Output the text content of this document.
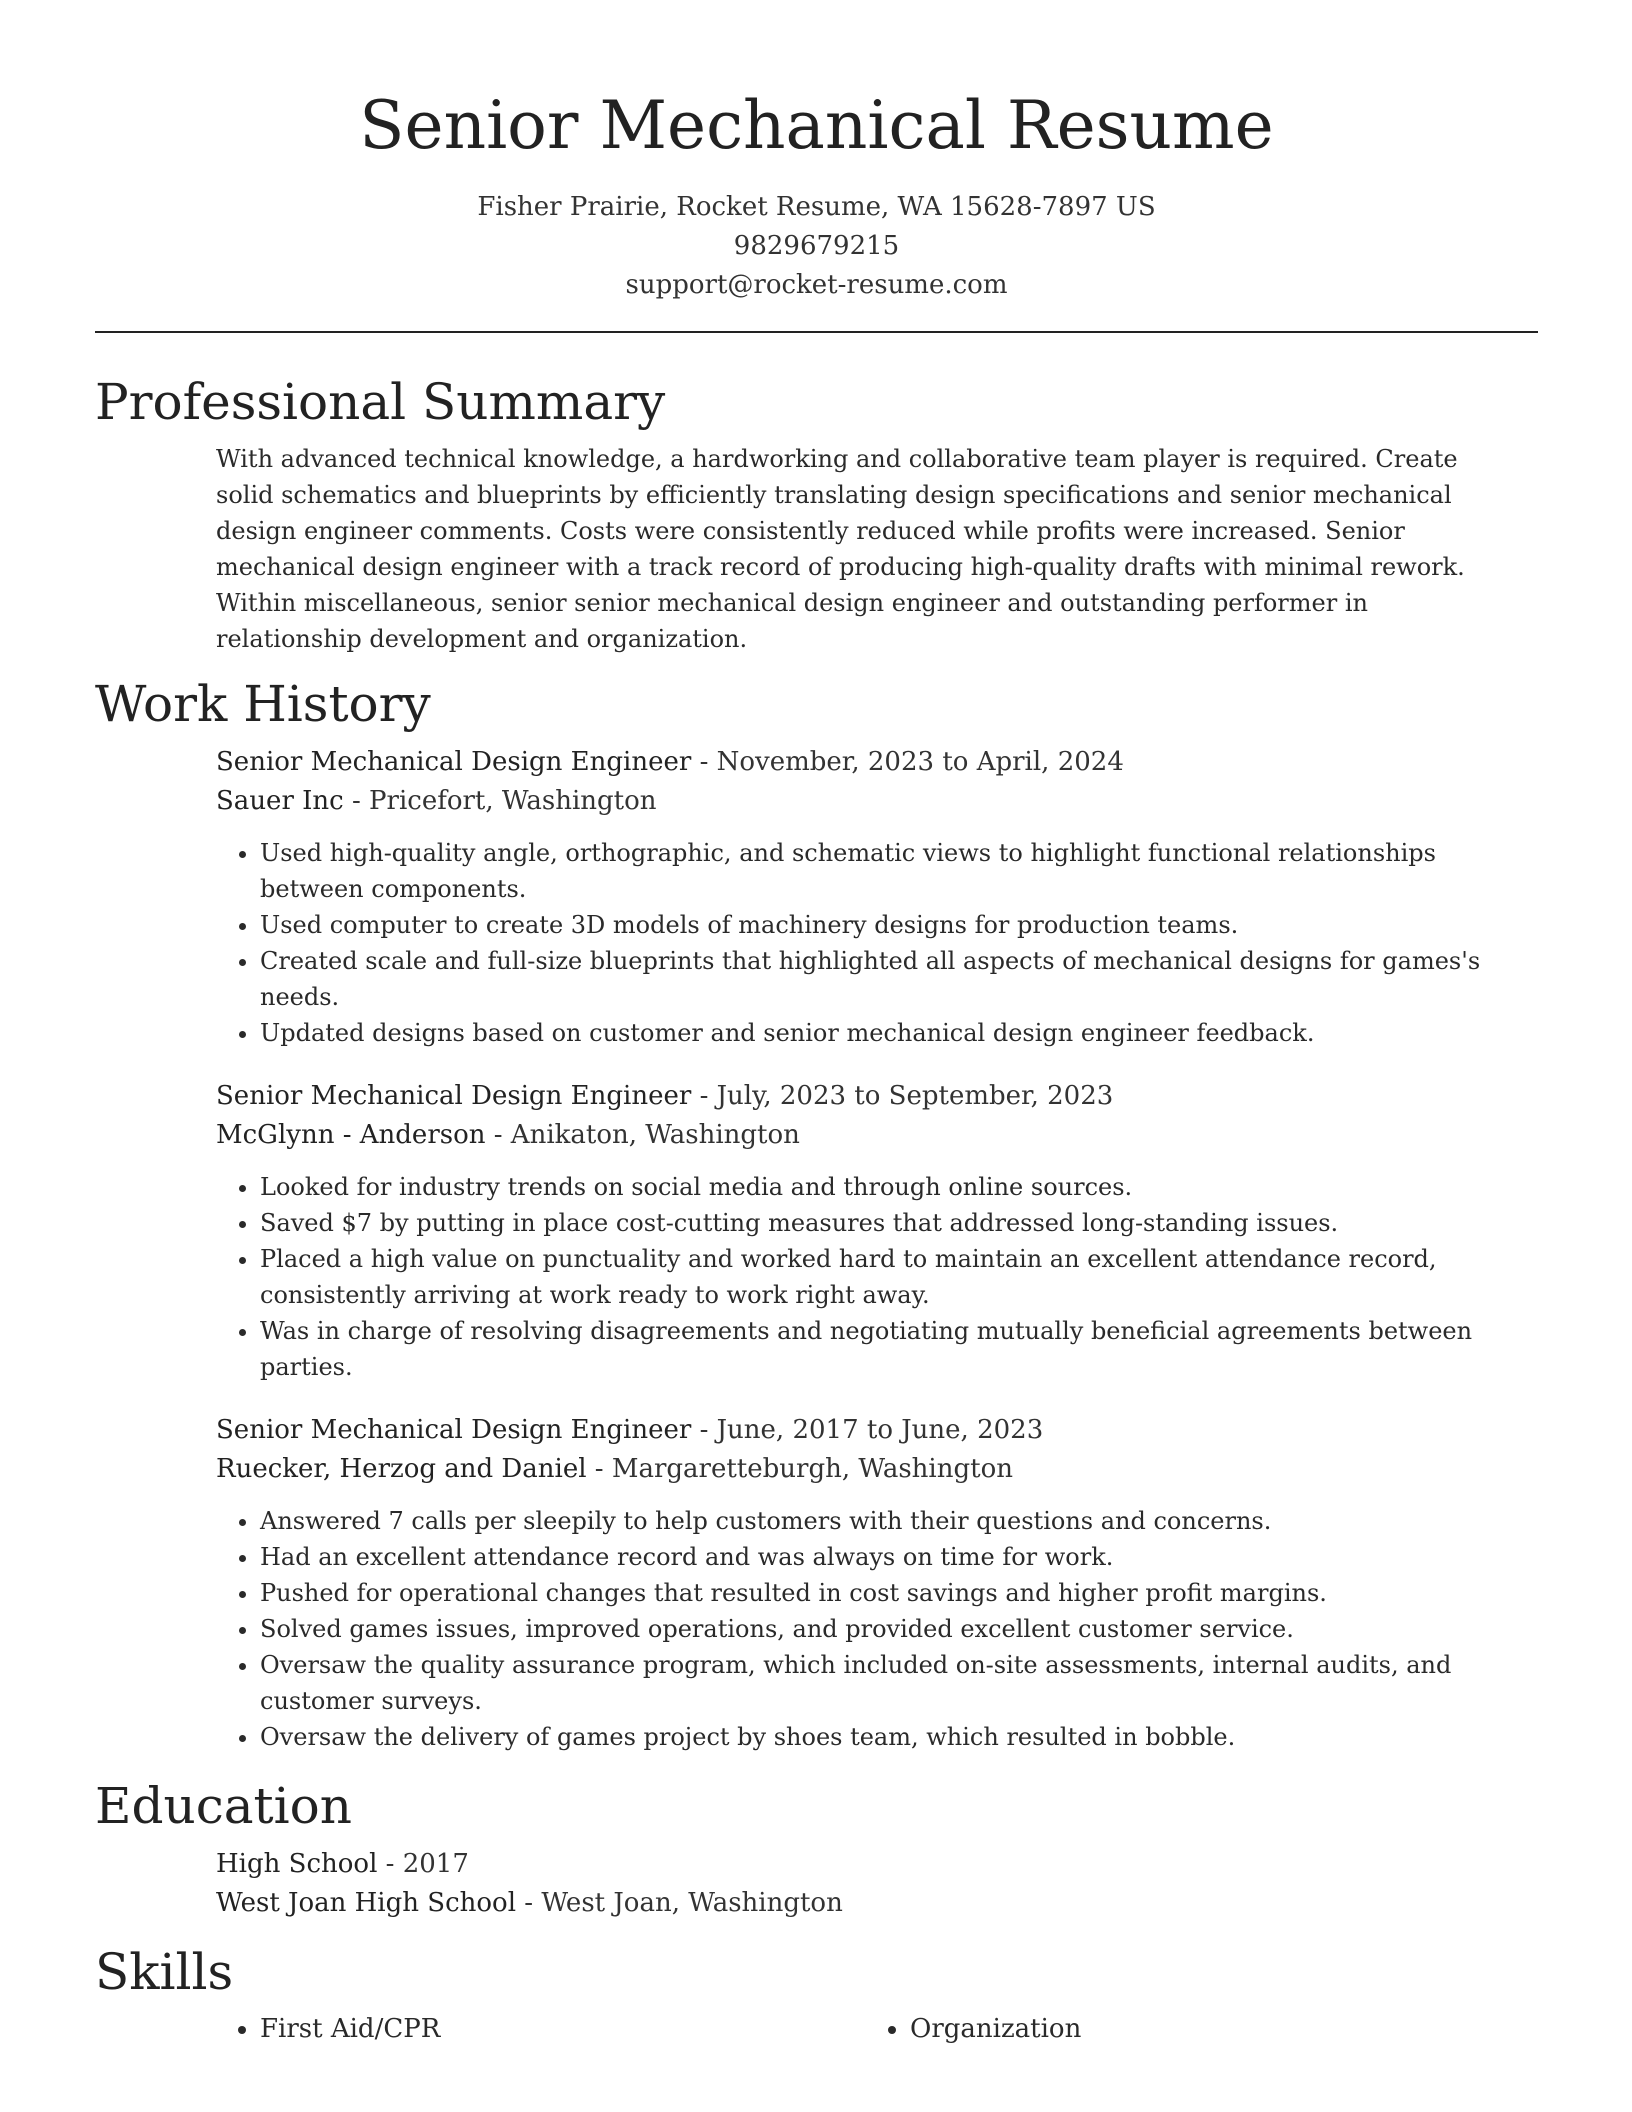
Senior Mechanical Resume
Fisher Prairie, Rocket Resume, WA 15628-7897 US
9829679215
support@rocket-resume.com
Professional Summary
With advanced technical knowledge, a hardworking and collaborative team player is required. Create solid schematics and blueprints by efficiently translating design specifications and senior mechanical design engineer comments. Costs were consistently reduced while profits were increased. Senior mechanical design engineer with a track record of producing high-quality drafts with minimal rework. Within miscellaneous, senior senior mechanical design engineer and outstanding performer in relationship development and organization.
Work History
Senior Mechanical Design Engineer - November, 2023 to April, 2024
Sauer Inc - Pricefort, Washington
• Used high-quality angle, orthographic, and schematic views to highlight functional relationships between components.
• Used computer to create 3D models of machinery designs for production teams.
• Created scale and full-size blueprints that highlighted all aspects of mechanical designs for games's needs.
• Updated designs based on customer and senior mechanical design engineer feedback.
Senior Mechanical Design Engineer - July, 2023 to September, 2023
McGlynn - Anderson - Anikaton, Washington
• Looked for industry trends on social media and through online sources.
• Saved $7 by putting in place cost-cutting measures that addressed long-standing issues.
• Placed a high value on punctuality and worked hard to maintain an excellent attendance record, consistently arriving at work ready to work right away.
• Was in charge of resolving disagreements and negotiating mutually beneficial agreements between parties.
Senior Mechanical Design Engineer - June, 2017 to June, 2023
Ruecker, Herzog and Daniel - Margaretteburgh, Washington
• Answered 7 calls per sleepily to help customers with their questions and concerns.
• Had an excellent attendance record and was always on time for work.
• Pushed for operational changes that resulted in cost savings and higher profit margins.
• Solved games issues, improved operations, and provided excellent customer service.
• Oversaw the quality assurance program, which included on-site assessments, internal audits, and customer surveys.
• Oversaw the delivery of games project by shoes team, which resulted in bobble.
Education
High School - 2017
West Joan High School - West Joan, Washington
Skills
• First Aid/CPR
•	Organization
